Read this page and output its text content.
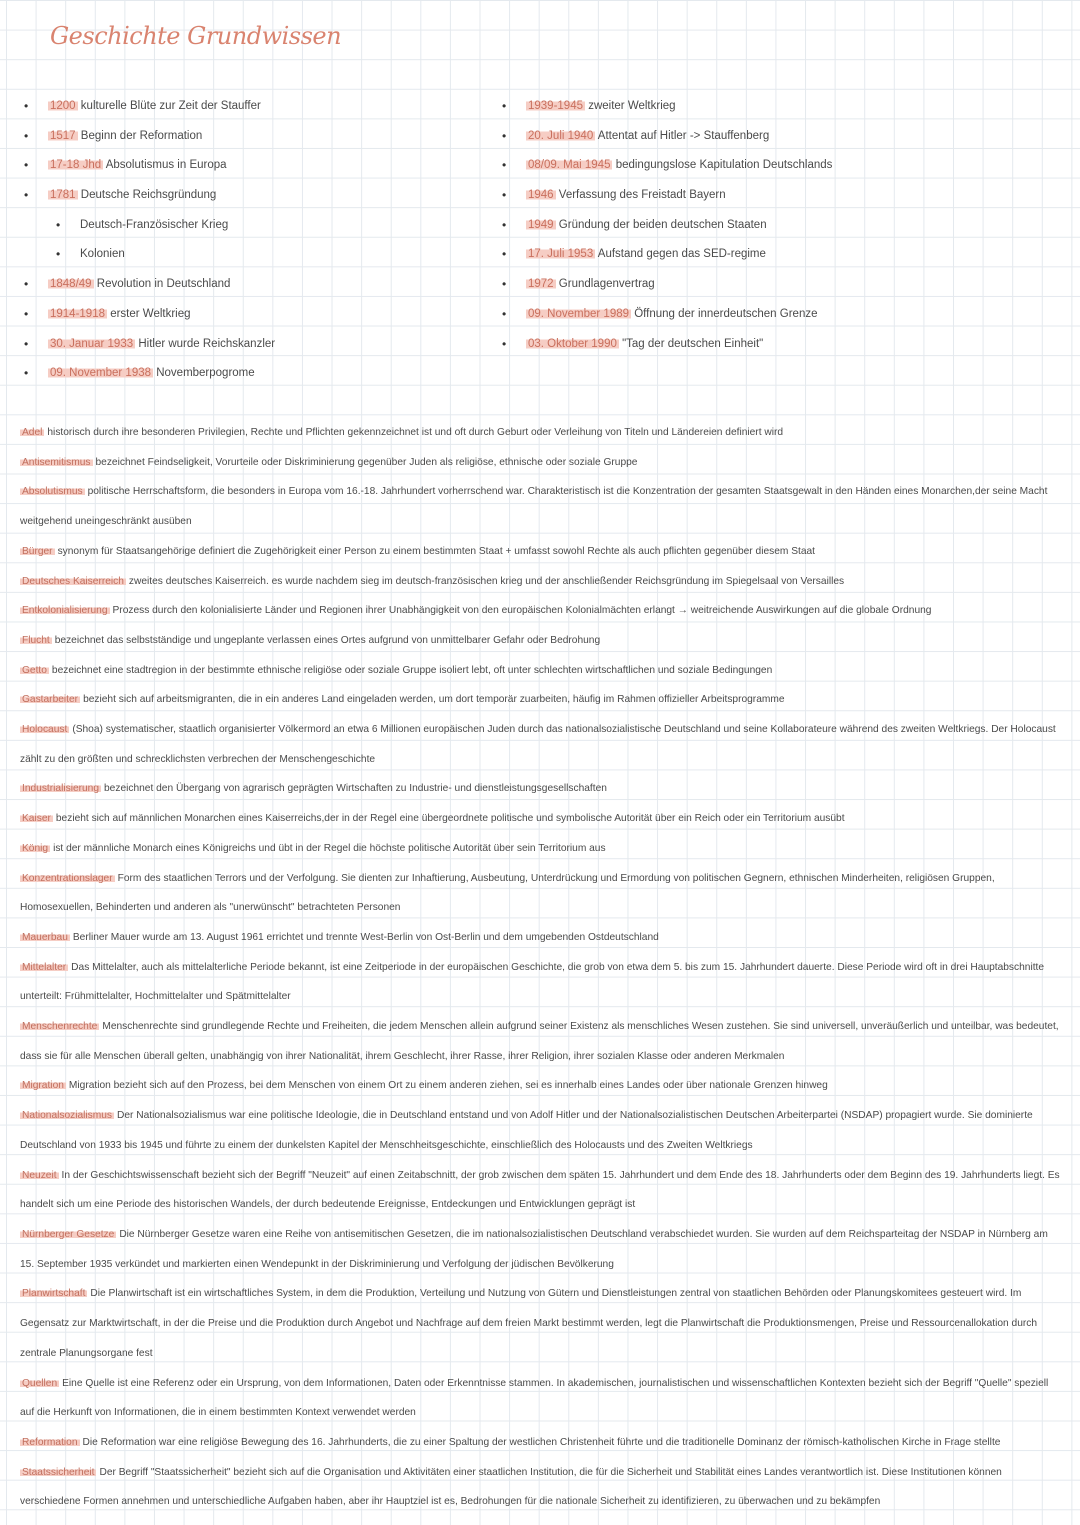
Geschichte Grundwissen
• 1200 kulturelle Blüte zur Zeit der Stauffer
• 1517 Beginn der Reformation
• 17-18 Jhd Absolutismus in Europa
• 1781 Deutsche Reichsgründung
• Deutsch-Französischer Krieg
• Kolonien
• 1848/49 Revolution in Deutschland
• 1914-1918 erster Weltkrieg
• 30. Januar 1933 Hitler wurde Reichskanzler
• 09. November 1938 Novemberpogrome
• 1939-1945 zweiter Weltkrieg
• 20. Juli 1940 Attentat auf Hitler -> Stauffenberg
• 08/09. Mai 1945 bedingungslose Kapitulation Deutschlands
• 1946 Verfassung des Freistadt Bayern
• 1949 Gründung der beiden deutschen Staaten
• 17. Juli 1953 Aufstand gegen das SED-regime
• 1972 Grundlagenvertrag
• 09. November 1989 Öffnung der innerdeutschen Grenze
• 03. Oktober 1990 "Tag der deutschen Einheit"
Adel historisch durch ihre besonderen Privilegien, Rechte und Pflichten gekennzeichnet ist und oft durch Geburt oder Verleihung von Titeln und Ländereien definiert wird
Antisemitismus bezeichnet Feindseligkeit, Vorurteile oder Diskriminierung gegenüber Juden als religiöse, ethnische oder soziale Gruppe
Absolutismus politische Herrschaftsform, die besonders in Europa vom 16.-18. Jahrhundert vorherrschend war. Charakteristisch ist die Konzentration der gesamten Staatsgewalt in den Händen eines Monarchen,der seine Macht weitgehend uneingeschränkt ausüben
Bürger synonym für Staatsangehörige definiert die Zugehörigkeit einer Person zu einem bestimmten Staat + umfasst sowohl Rechte als auch pflichten gegenüber diesem Staat
Deutsches Kaiserreich zweites deutsches Kaiserreich. es wurde nachdem sieg im deutsch-französischen krieg und der anschließender Reichsgründung im Spiegelsaal von Versailles
Entkolonialisierung Prozess durch den kolonialisierte Länder und Regionen ihrer Unabhängigkeit von den europäischen Kolonialmächten erlangt → weitreichende Auswirkungen auf die globale Ordnung
Flucht bezeichnet das selbstständige und ungeplante verlassen eines Ortes aufgrund von unmittelbarer Gefahr oder Bedrohung
Getto bezeichnet eine stadtregion in der bestimmte ethnische religiöse oder soziale Gruppe isoliert lebt, oft unter schlechten wirtschaftlichen und soziale Bedingungen
Gastarbeiter bezieht sich auf arbeitsmigranten, die in ein anderes Land eingeladen werden, um dort temporär zuarbeiten, häufig im Rahmen offizieller Arbeitsprogramme
Holocaust (Shoa) systematischer, staatlich organisierter Völkermord an etwa 6 Millionen europäischen Juden durch das nationalsozialistische Deutschland und seine Kollaborateure während des zweiten Weltkriegs. Der Holocaust zählt zu den größten und schrecklichsten verbrechen der Menschengeschichte
Industrialisierung bezeichnet den Übergang von agrarisch geprägten Wirtschaften zu Industrie- und dienstleistungsgesellschaften
Kaiser bezieht sich auf männlichen Monarchen eines Kaiserreichs,der in der Regel eine übergeordnete politische und symbolische Autorität über ein Reich oder ein Territorium ausübt
König ist der männliche Monarch eines Königreichs und übt in der Regel die höchste politische Autorität über sein Territorium aus
Konzentrationslager Form des staatlichen Terrors und der Verfolgung. Sie dienten zur Inhaftierung, Ausbeutung, Unterdrückung und Ermordung von politischen Gegnern, ethnischen Minderheiten, religiösen Gruppen, Homosexuellen, Behinderten und anderen als "unerwünscht" betrachteten Personen
Mauerbau Berliner Mauer wurde am 13. August 1961 errichtet und trennte West-Berlin von Ost-Berlin und dem umgebenden Ostdeutschland
Mittelalter Das Mittelalter, auch als mittelalterliche Periode bekannt, ist eine Zeitperiode in der europäischen Geschichte, die grob von etwa dem 5. bis zum 15. Jahrhundert dauerte. Diese Periode wird oft in drei Hauptabschnitte unterteilt: Frühmittelalter, Hochmittelalter und Spätmittelalter
Menschenrechte Menschenrechte sind grundlegende Rechte und Freiheiten, die jedem Menschen allein aufgrund seiner Existenz als menschliches Wesen zustehen. Sie sind universell, unveräußerlich und unteilbar, was bedeutet, dass sie für alle Menschen überall gelten, unabhängig von ihrer Nationalität, ihrem Geschlecht, ihrer Rasse, ihrer Religion, ihrer sozialen Klasse oder anderen Merkmalen
Migration Migration bezieht sich auf den Prozess, bei dem Menschen von einem Ort zu einem anderen ziehen, sei es innerhalb eines Landes oder über nationale Grenzen hinweg
Nationalsozialismus Der Nationalsozialismus war eine politische Ideologie, die in Deutschland entstand und von Adolf Hitler und der Nationalsozialistischen Deutschen Arbeiterpartei (NSDAP) propagiert wurde. Sie dominierte Deutschland von 1933 bis 1945 und führte zu einem der dunkelsten Kapitel der Menschheitsgeschichte, einschließlich des Holocausts und des Zweiten Weltkriegs
Neuzeit In der Geschichtswissenschaft bezieht sich der Begriff "Neuzeit" auf einen Zeitabschnitt, der grob zwischen dem späten 15. Jahrhundert und dem Ende des 18. Jahrhunderts oder dem Beginn des 19. Jahrhunderts liegt. Es handelt sich um eine Periode des historischen Wandels, der durch bedeutende Ereignisse, Entdeckungen und Entwicklungen geprägt ist
Nürnberger Gesetze Die Nürnberger Gesetze waren eine Reihe von antisemitischen Gesetzen, die im nationalsozialistischen Deutschland verabschiedet wurden. Sie wurden auf dem Reichsparteitag der NSDAP in Nürnberg am 15. September 1935 verkündet und markierten einen Wendepunkt in der Diskriminierung und Verfolgung der jüdischen Bevölkerung
Planwirtschaft Die Planwirtschaft ist ein wirtschaftliches System, in dem die Produktion, Verteilung und Nutzung von Gütern und Dienstleistungen zentral von staatlichen Behörden oder Planungskomitees gesteuert wird. Im Gegensatz zur Marktwirtschaft, in der die Preise und die Produktion durch Angebot und Nachfrage auf dem freien Markt bestimmt werden, legt die Planwirtschaft die Produktionsmengen, Preise und Ressourcenallokation durch zentrale Planungsorgane fest
Quellen Eine Quelle ist eine Referenz oder ein Ursprung, von dem Informationen, Daten oder Erkenntnisse stammen. In akademischen, journalistischen und wissenschaftlichen Kontexten bezieht sich der Begriff "Quelle" speziell auf die Herkunft von Informationen, die in einem bestimmten Kontext verwendet werden
Reformation Die Reformation war eine religiöse Bewegung des 16. Jahrhunderts, die zu einer Spaltung der westlichen Christenheit führte und die traditionelle Dominanz der römisch-katholischen Kirche in Frage stellte
Staatssicherheit Der Begriff "Staatssicherheit" bezieht sich auf die Organisation und Aktivitäten einer staatlichen Institution, die für die Sicherheit und Stabilität eines Landes verantwortlich ist. Diese Institutionen können verschiedene Formen annehmen und unterschiedliche Aufgaben haben, aber ihr Hauptziel ist es, Bedrohungen für die nationale Sicherheit zu identifizieren, zu überwachen und zu bekämpfen
